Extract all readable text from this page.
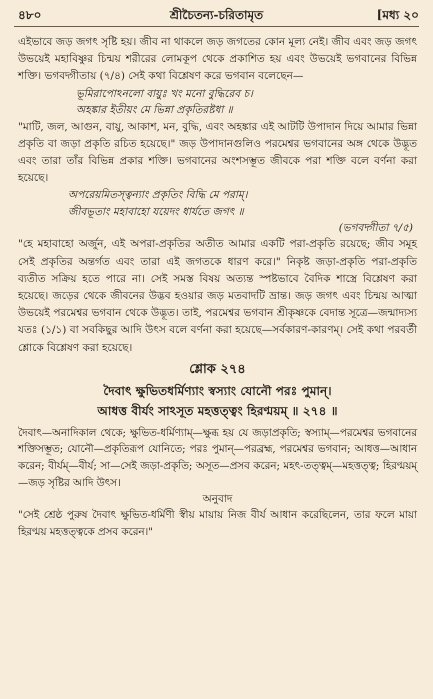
৪৮০	শ্রীচৈতন্য-চরিতামৃত	[মধ্য ২০

এইভাবে জড় জগৎ সৃষ্টি হয়। জীব না থাকলে জড় জগতের কোন মূল্য নেই। জীব এবং জড় জগৎ উভয়েই মহাবিষ্ণুর চিন্ময় শরীরের লোমকূপ থেকে প্রকাশিত হয় এবং উভয়েই ভগবানের বিভিন্ন শক্তি। ভগবদ্গীতায় (৭/৪) সেই কথা বিশ্লেষণ করে ভগবান বলেছেন—

ভূমিরাপোঽনলো বায়ুঃ খং মনো বুদ্ধিরেব চ।

অহঙ্কার ইতীয়ং মে ভিন্না প্রকৃতিরষ্টধা ॥

"মাটি, জল, আগুন, বায়ু, আকাশ, মন, বুদ্ধি, এবং অহঙ্কার এই আটটি উপাদান দিয়ে আমার ভিন্না প্রকৃতি বা জড়া প্রকৃতি রচিত হয়েছে।" জড় উপাদানগুলিও পরমেশ্বর ভগবানের অঙ্গ থেকে উদ্ভূত এবং তারা তাঁর বিভিন্ন প্রকার শক্তি। ভগবানের অংশসম্ভূত জীবকে পরা শক্তি বলে বর্ণনা করা হয়েছে।

অপরেয়মিতস্ত্বন্যাং প্রকৃতিং বিদ্ধি মে পরাম্।

জীবভূতাং মহাবাহো যয়েদং ধার্যতে জগৎ ॥

(ভগবদ্গীতা ৭/৫)

"হে মহাবাহো অর্জুন, এই অপরা-প্রকৃতির অতীত আমার একটি পরা-প্রকৃতি রয়েছে; জীব সমূহ সেই প্রকৃতির অন্তর্গত এবং তারা এই জগতকে ধারণ করে।" নিকৃষ্ট জড়া-প্রকৃতি পরা-প্রকৃতি ব্যতীত সক্রিয় হতে পারে না। সেই সমস্ত বিষয় অত্যন্ত স্পষ্টভাবে বৈদিক শাস্ত্রে বিশ্লেষণ করা হয়েছে। জড়ের থেকে জীবনের উদ্ভব হওয়ার জড় মতবাদটি ভ্রান্ত। জড় জগৎ এবং চিন্ময় আত্মা উভয়েই পরমেশ্বর ভগবান থেকে উদ্ভূত। তাই, পরমেশ্বর ভগবান শ্রীকৃষ্ণকে বেদান্ত সূত্রে—জন্মাদ্যস্য যতঃ (১/১) বা সবকিছুর আদি উৎস বলে বর্ণনা করা হয়েছে—সর্বকারণ-কারণম্। সেই কথা পরবর্তী শ্লোকে বিশ্লেষণ করা হয়েছে।

শ্লোক ২৭৪

দৈবাৎ ক্ষুভিতধর্মিণ্যাং স্বস্যাং যোনৌ পরঃ পুমান্।
আধত্ত বীর্যং সাঽসূত মহত্তত্ত্বং হিরণ্ময়ম্ ॥ ২৭৪ ॥

দৈবাৎ—অনাদিকাল থেকে; ক্ষুভিত-ধর্মিণ্যাম্—ক্ষুব্ধ হয় যে জড়াপ্রকৃতি; স্বস্যাম্—পরমেশ্বর ভগবানের শক্তিসম্ভূত; যোনৌ—প্রকৃতিরূপ যোনিতে; পরঃ পুমান্—পরব্রহ্ম, পরমেশ্বর ভগবান; আধত্ত—আধান করেন; বীর্যম্—বীর্য; সা—সেই জড়া-প্রকৃতি; অসূত—প্রসব করেন; মহৎ-তত্ত্বম্—মহত্তত্ত্ব; হিরণ্ময়ম্—জড় সৃষ্টির আদি উৎস।

অনুবাদ

"সেই শ্রেষ্ঠ পুরুষ দৈবাৎ ক্ষুভিত-ধর্মিণী স্বীয় মায়ায় নিজ বীর্য আধান করেছিলেন, তার ফলে মায়া হিরণ্ময় মহত্তত্ত্বকে প্রসব করেন।"
